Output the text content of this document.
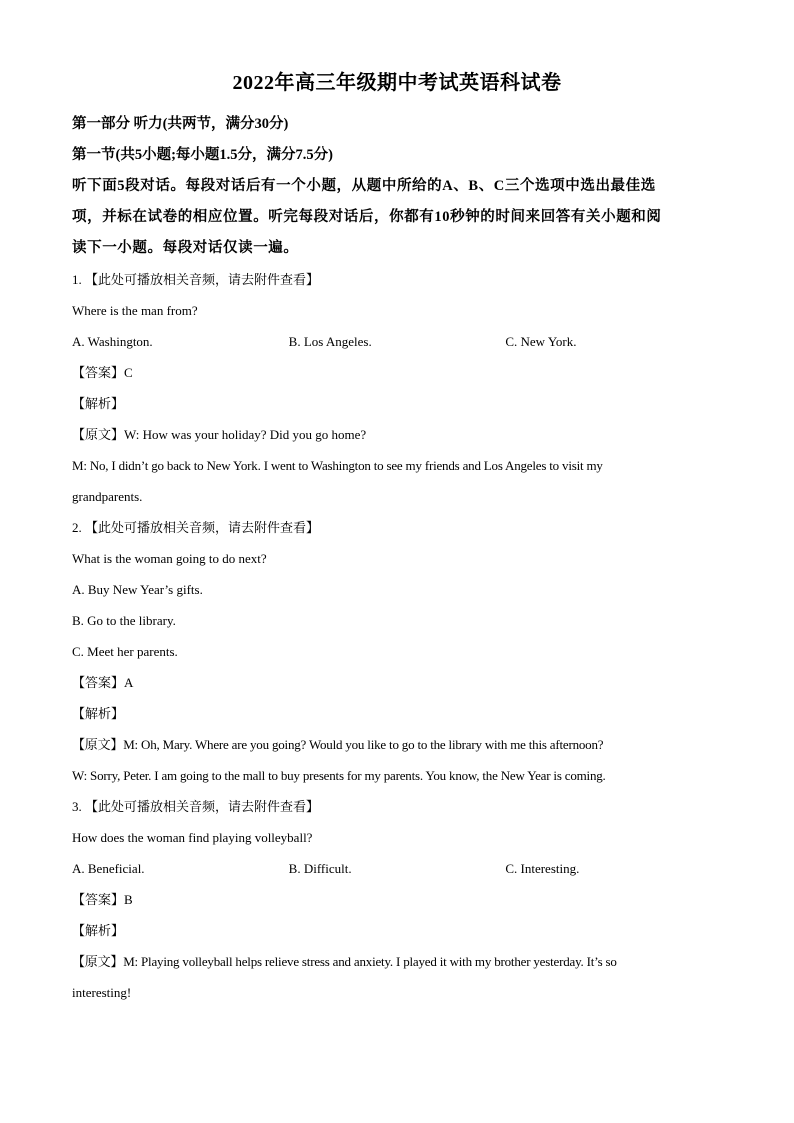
2022年高三年级期中考试英语科试卷
第一部分 听力(共两节，满分30分)
第一节(共5小题;每小题1.5分，满分7.5分)
听下面5段对话。每段对话后有一个小题，从题中所给的A、B、C三个选项中选出最佳选
项，并标在试卷的相应位置。听完每段对话后，你都有10秒钟的时间来回答有关小题和阅
读下一小题。每段对话仅读一遍。
1. 【此处可播放相关音频，请去附件查看】
Where is the man from?
A. Washington.	B. Los Angeles.	C. New York.
【答案】C
【解析】
【原文】W: How was your holiday? Did you go home?
M: No, I didn’t go back to New York. I went to Washington to see my friends and Los Angeles to visit my
grandparents.
2. 【此处可播放相关音频，请去附件查看】
What is the woman going to do next?
A. Buy New Year’s gifts.
B. Go to the library.
C. Meet her parents.
【答案】A
【解析】
【原文】M: Oh, Mary. Where are you going? Would you like to go to the library with me this afternoon?
W: Sorry, Peter. I am going to the mall to buy presents for my parents. You know, the New Year is coming.
3. 【此处可播放相关音频，请去附件查看】
How does the woman find playing volleyball?
A. Beneficial.	B. Difficult.	C. Interesting.
【答案】B
【解析】
【原文】M: Playing volleyball helps relieve stress and anxiety. I played it with my brother yesterday. It’s so
interesting!
